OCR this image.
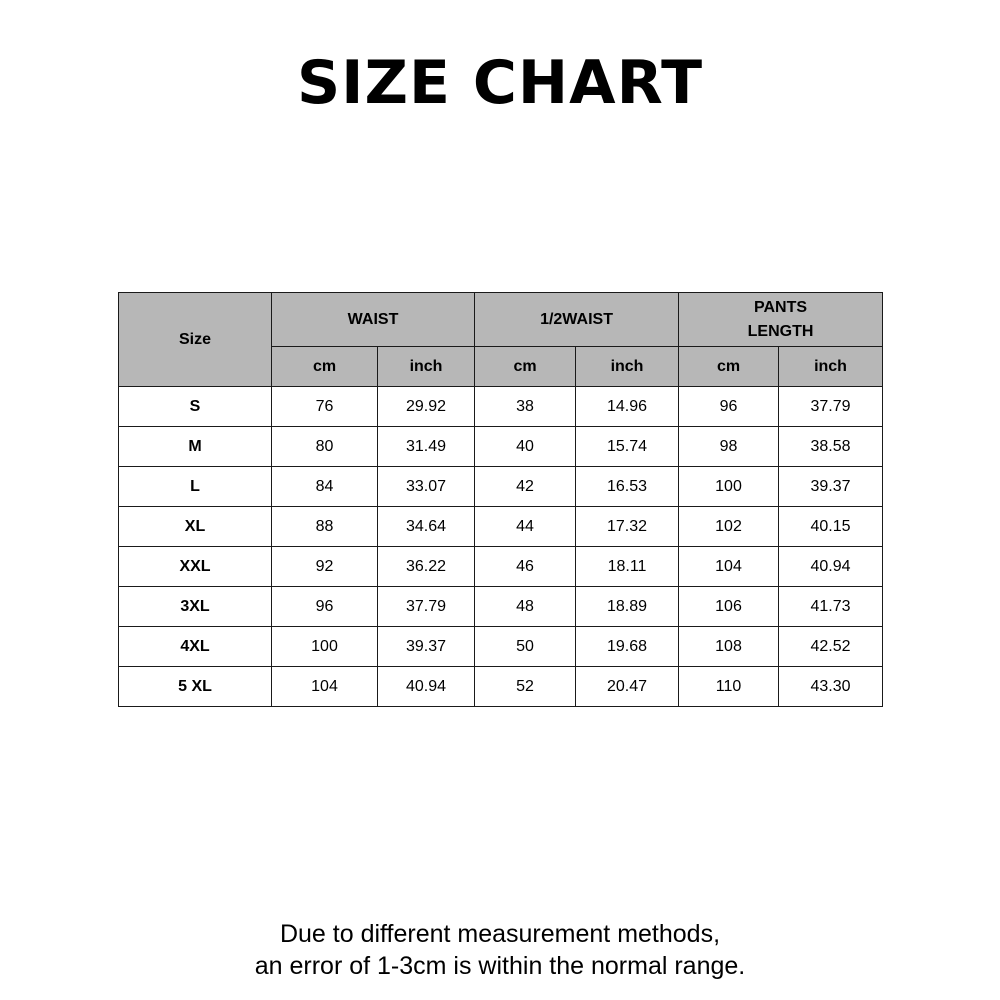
SIZE CHART
Size	WAIST		1/2WAIST		PANTS
LENGTH	

	cm	inch	cm	inch	cm	inch
S	76	29.92	38	14.96	96	37.79
M	80	31.49	40	15.74	98	38.58
L	84	33.07	42	16.53	100	39.37
XL	88	34.64	44	17.32	102	40.15
XXL	92	36.22	46	18.11	104	40.94
3XL	96	37.79	48	18.89	106	41.73
4XL	100	39.37	50	19.68	108	42.52
5 XL	104	40.94	52	20.47	110	43.30
Due to different measurement methods,
an error of 1-3cm is within the normal range.
